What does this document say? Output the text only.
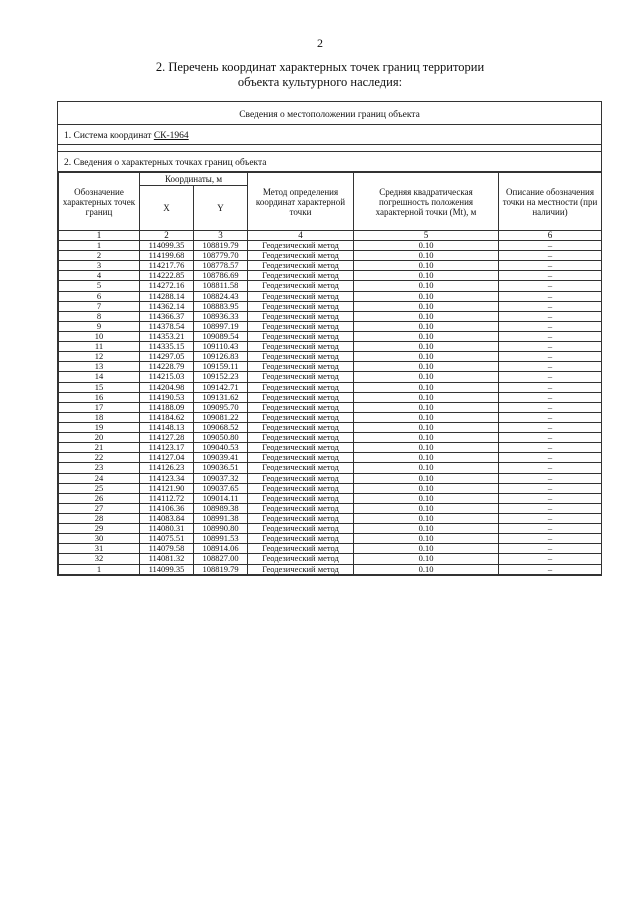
2
2. Перечень координат характерных точек границ территории
объекта культурного наследия:
Сведения о местоположении границ объекта
1. Система координат СК-1964
2. Сведения о характерных точках границ объекта
Обозначение характерных точек границ	Координаты, м		Метод определения координат характерной точки	Средняя квадратическая погрешность положения характерной точки (Mt), м	Описание обозначения точки на местности (при наличии)
	X	Y			
1	2	3	4	5	6
1	114099.35	108819.79	Геодезический метод	0.10	–
2	114199.68	108779.70	Геодезический метод	0.10	–
3	114217.76	108778.57	Геодезический метод	0.10	–
4	114222.85	108786.69	Геодезический метод	0.10	–
5	114272.16	108811.58	Геодезический метод	0.10	–
6	114288.14	108824.43	Геодезический метод	0.10	–
7	114362.14	108883.95	Геодезический метод	0.10	–
8	114366.37	108936.33	Геодезический метод	0.10	–
9	114378.54	108997.19	Геодезический метод	0.10	–
10	114353.21	109089.54	Геодезический метод	0.10	–
11	114335.15	109110.43	Геодезический метод	0.10	–
12	114297.05	109126.83	Геодезический метод	0.10	–
13	114228.79	109159.11	Геодезический метод	0.10	–
14	114215.03	109152.23	Геодезический метод	0.10	–
15	114204.98	109142.71	Геодезический метод	0.10	–
16	114190.53	109131.62	Геодезический метод	0.10	–
17	114188.09	109095.70	Геодезический метод	0.10	–
18	114184.62	109081.22	Геодезический метод	0.10	–
19	114148.13	109068.52	Геодезический метод	0.10	–
20	114127.28	109050.80	Геодезический метод	0.10	–
21	114123.17	109040.53	Геодезический метод	0.10	–
22	114127.04	109039.41	Геодезический метод	0.10	–
23	114126.23	109036.51	Геодезический метод	0.10	–
24	114123.34	109037.32	Геодезический метод	0.10	–
25	114121.90	109037.65	Геодезический метод	0.10	–
26	114112.72	109014.11	Геодезический метод	0.10	–
27	114106.36	108989.38	Геодезический метод	0.10	–
28	114083.84	108991.38	Геодезический метод	0.10	–
29	114080.31	108990.80	Геодезический метод	0.10	–
30	114075.51	108991.53	Геодезический метод	0.10	–
31	114079.58	108914.06	Геодезический метод	0.10	–
32	114081.32	108827.00	Геодезический метод	0.10	–
1	114099.35	108819.79	Геодезический метод	0.10	–
